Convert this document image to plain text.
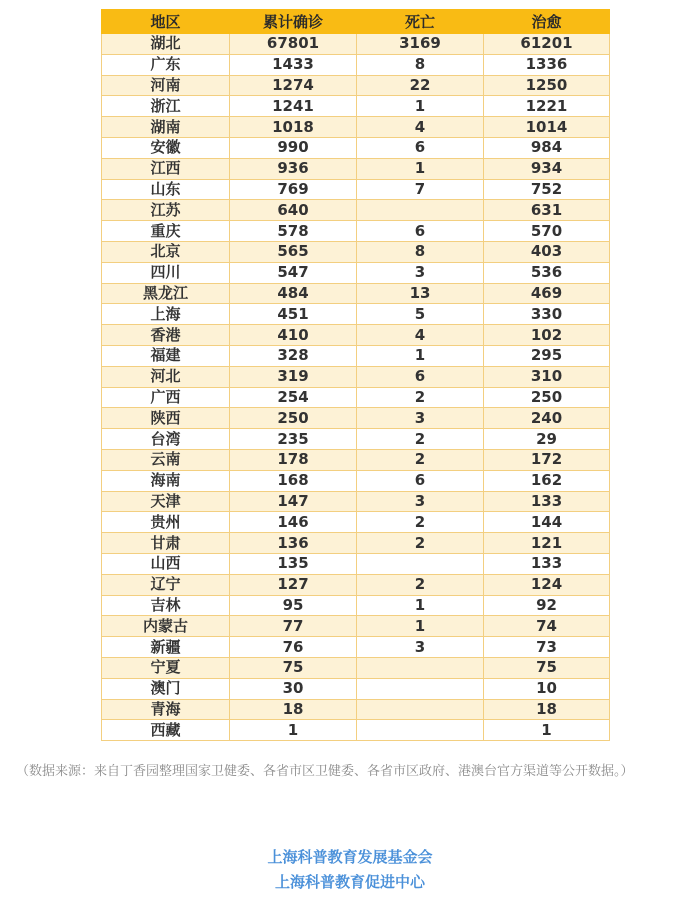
地区	累计确诊	死亡	治愈
湖北	67801	3169	61201
广东	1433	8	1336
河南	1274	22	1250
浙江	1241	1	1221
湖南	1018	4	1014
安徽	990	6	984
江西	936	1	934
山东	769	7	752
江苏	640		631
重庆	578	6	570
北京	565	8	403
四川	547	3	536
黑龙江	484	13	469
上海	451	5	330
香港	410	4	102
福建	328	1	295
河北	319	6	310
广西	254	2	250
陕西	250	3	240
台湾	235	2	29
云南	178	2	172
海南	168	6	162
天津	147	3	133
贵州	146	2	144
甘肃	136	2	121
山西	135		133
辽宁	127	2	124
吉林	95	1	92
内蒙古	77	1	74
新疆	76	3	73
宁夏	75		75
澳门	30		10
青海	18		18
西藏	1		1
（数据来源：来自丁香园整理国家卫健委、各省市区卫健委、各省市区政府、港澳台官方渠道等公开数据。）
上海科普教育发展基金会
上海科普教育促进中心
